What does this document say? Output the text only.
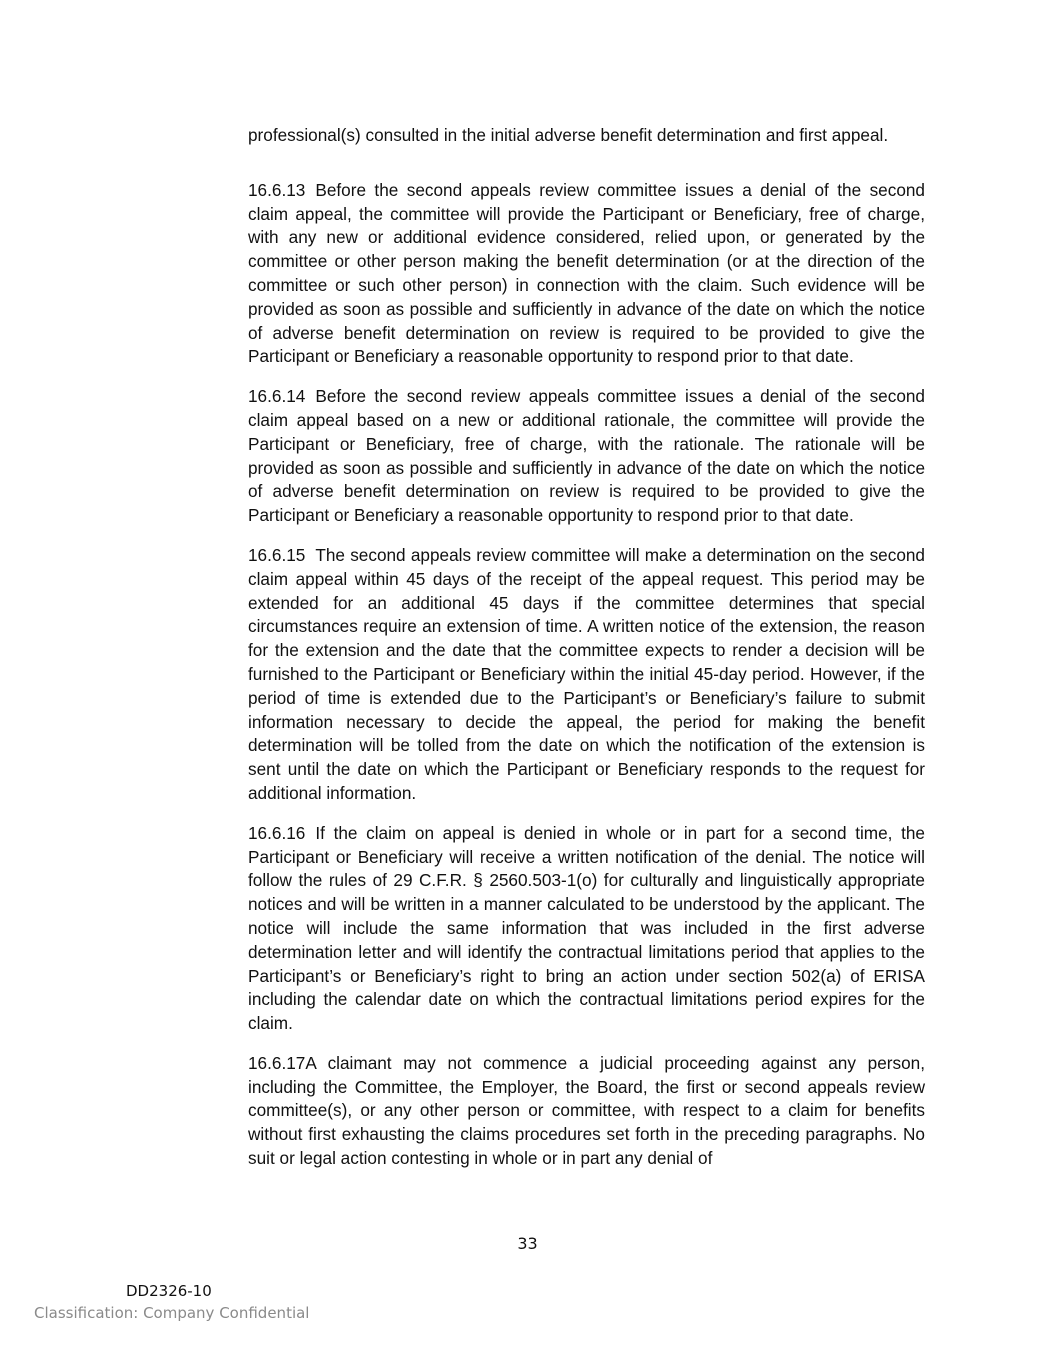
professional(s) consulted in the initial adverse benefit determination and first appeal.

16.6.13 Before the second appeals review committee issues a denial of the second claim appeal, the committee will provide the Participant or Beneficiary, free of charge, with any new or additional evidence considered, relied upon, or generated by the committee or other person making the benefit determination (or at the direction of the committee or such other person) in connection with the claim. Such evidence will be provided as soon as possible and sufficiently in advance of the date on which the notice of adverse benefit determination on review is required to be provided to give the Participant or Beneficiary a reasonable opportunity to respond prior to that date.

16.6.14 Before the second review appeals committee issues a denial of the second claim appeal based on a new or additional rationale, the committee will provide the Participant or Beneficiary, free of charge, with the rationale. The rationale will be provided as soon as possible and sufficiently in advance of the date on which the notice of adverse benefit determination on review is required to be provided to give the Participant or Beneficiary a reasonable opportunity to respond prior to that date.

16.6.15 The second appeals review committee will make a determination on the second claim appeal within 45 days of the receipt of the appeal request. This period may be extended for an additional 45 days if the committee determines that special circumstances require an extension of time. A written notice of the extension, the reason for the extension and the date that the committee expects to render a decision will be furnished to the Participant or Beneficiary within the initial 45-day period. However, if the period of time is extended due to the Participant’s or Beneficiary’s failure to submit information necessary to decide the appeal, the period for making the benefit determination will be tolled from the date on which the notification of the extension is sent until the date on which the Participant or Beneficiary responds to the request for additional information.

16.6.16 If the claim on appeal is denied in whole or in part for a second time, the Participant or Beneficiary will receive a written notification of the denial. The notice will follow the rules of 29 C.F.R. § 2560.503-1(o) for culturally and linguistically appropriate notices and will be written in a manner calculated to be understood by the applicant. The notice will include the same information that was included in the first adverse determination letter and will identify the contractual limitations period that applies to the Participant’s or Beneficiary’s right to bring an action under section 502(a) of ERISA including the calendar date on which the contractual limitations period expires for the claim.

16.6.17A claimant may not commence a judicial proceeding against any person, including the Committee, the Employer, the Board, the first or second appeals review committee(s), or any other person or committee, with respect to a claim for benefits without first exhausting the claims procedures set forth in the preceding paragraphs. No suit or legal action contesting in whole or in part any denial of

33
DD2326-10
Classification: Company Confidential
